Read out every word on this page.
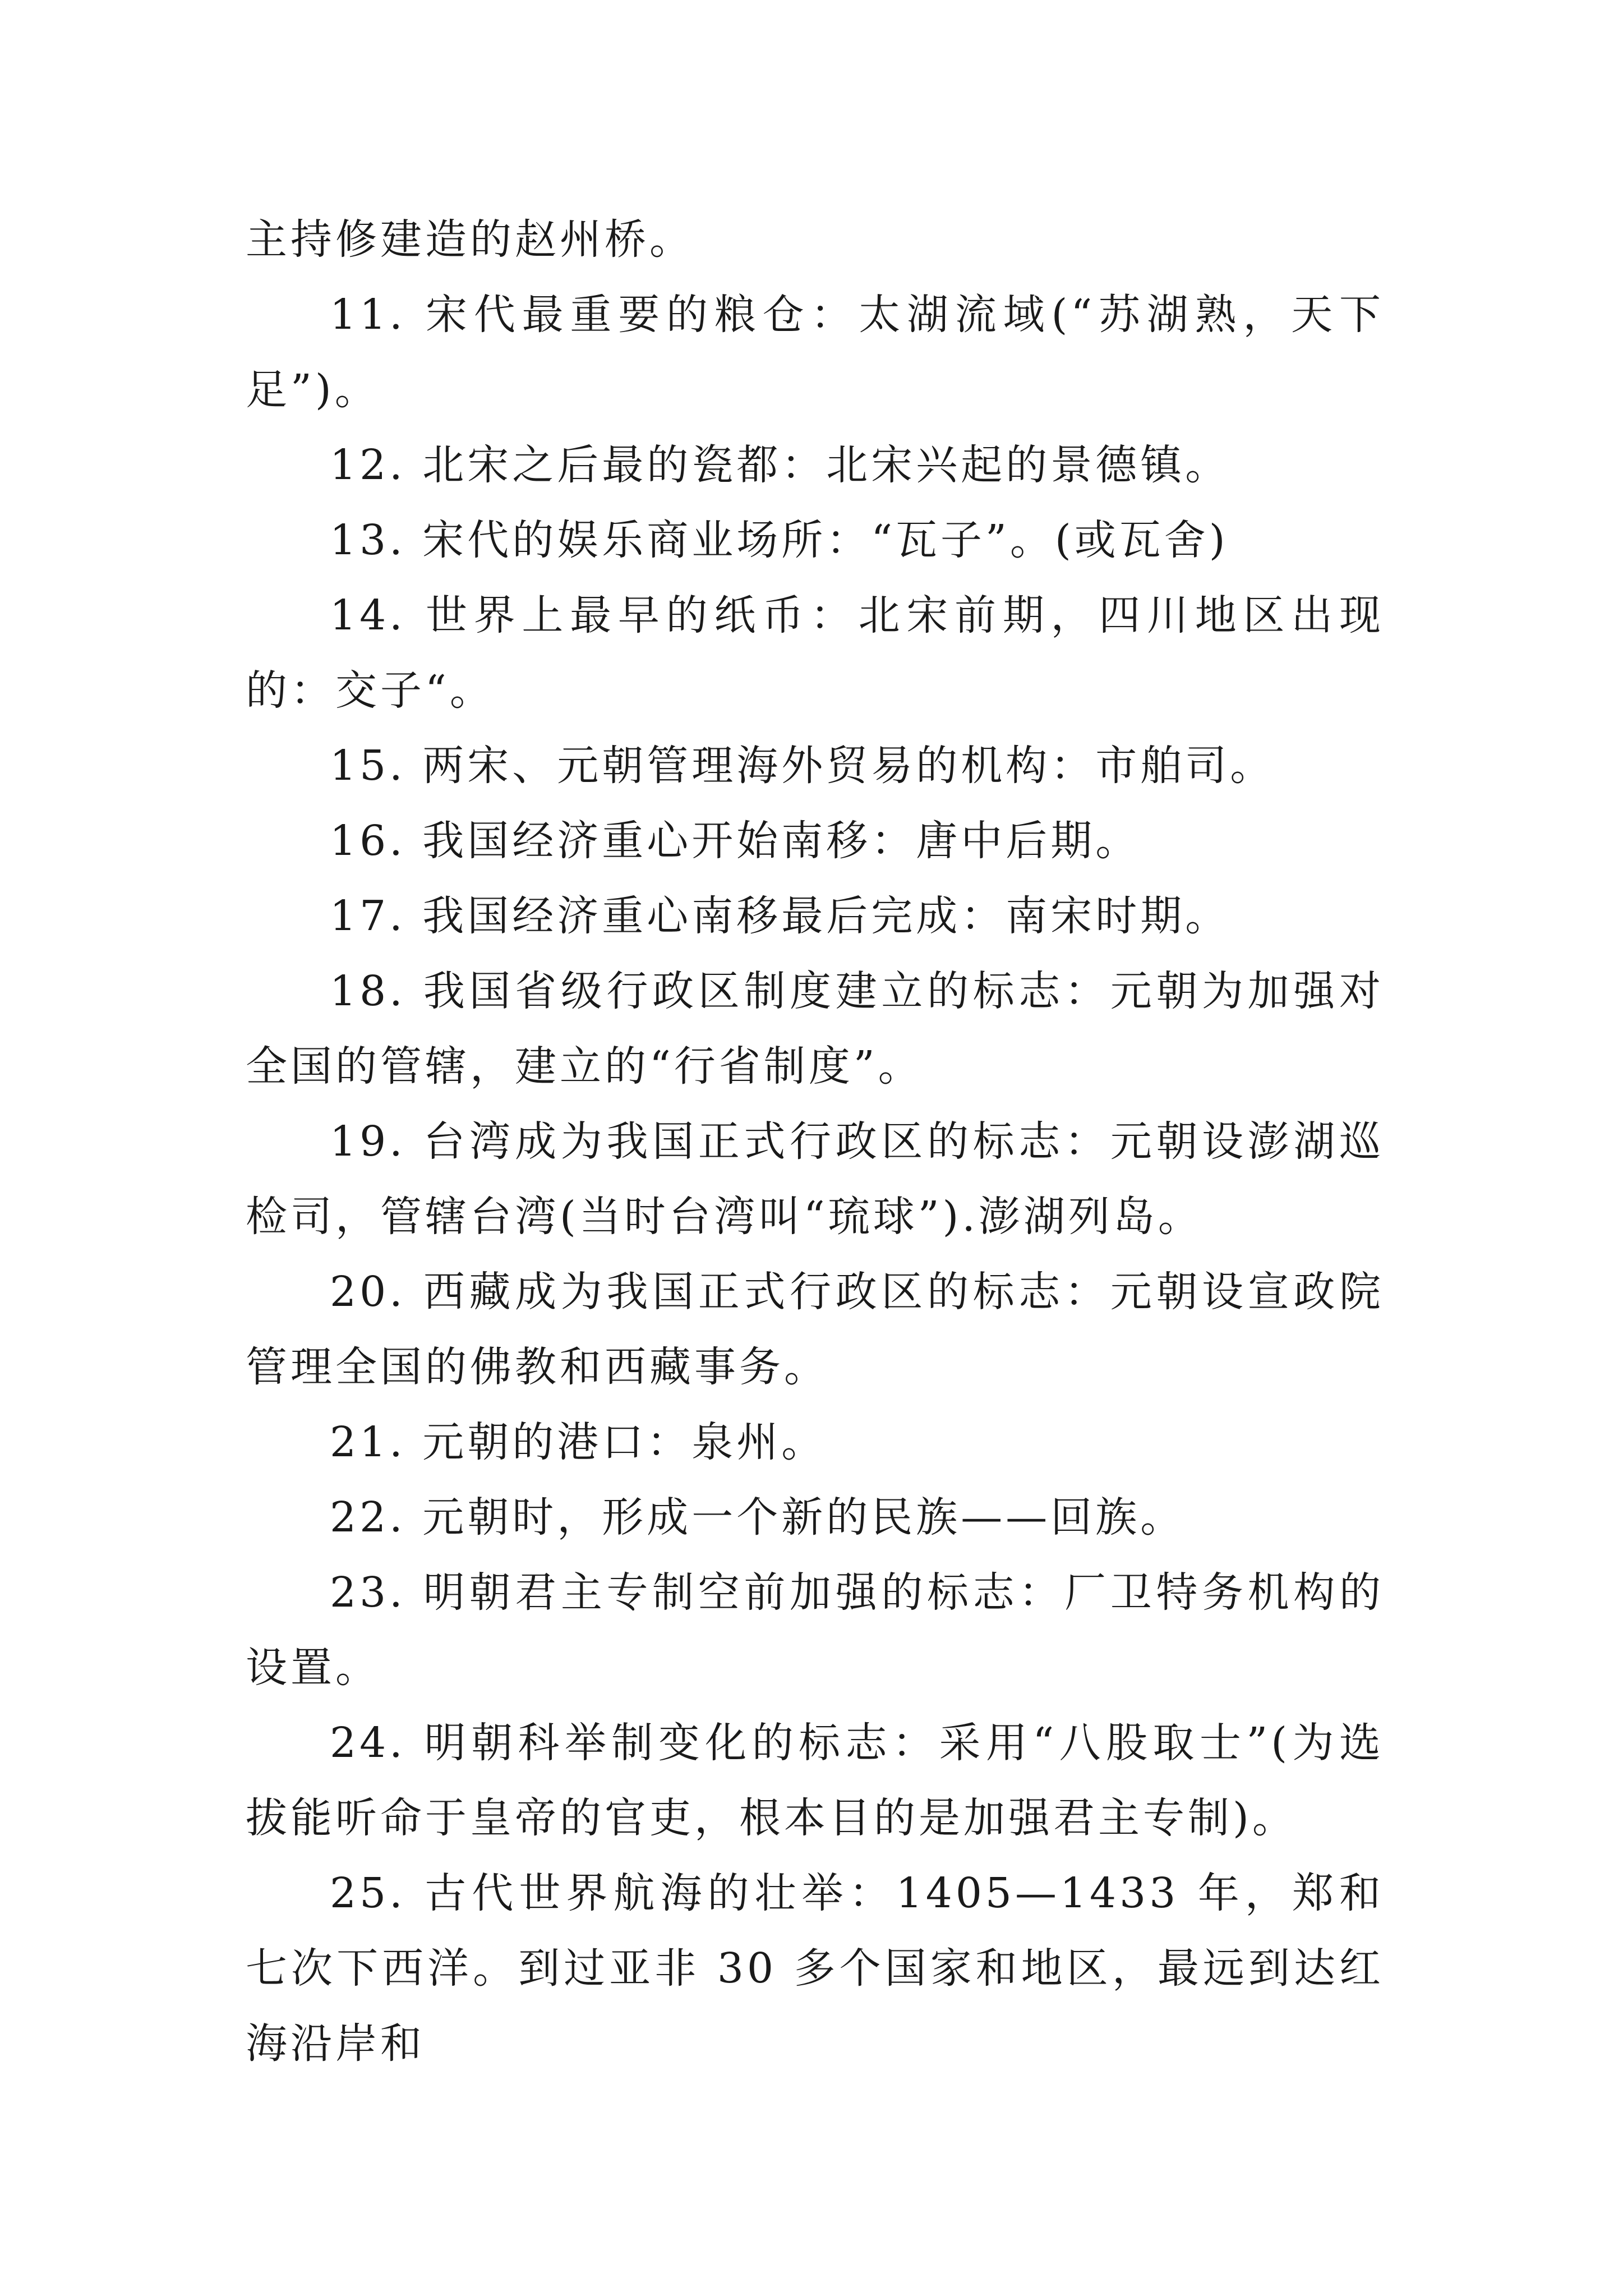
主持修建造的赵州桥。

11. 宋代最重要的粮仓：太湖流域(“苏湖熟，天下足”)。

12. 北宋之后最的瓷都：北宋兴起的景德镇。

13. 宋代的娱乐商业场所：“瓦子”。(或瓦舍)

14. 世界上最早的纸币：北宋前期，四川地区出现的：交子“。

15. 两宋、元朝管理海外贸易的机构：市舶司。

16. 我国经济重心开始南移：唐中后期。

17. 我国经济重心南移最后完成：南宋时期。

18. 我国省级行政区制度建立的标志：元朝为加强对全国的管辖，建立的“行省制度”。

19. 台湾成为我国正式行政区的标志：元朝设澎湖巡检司，管辖台湾(当时台湾叫“琉球”).澎湖列岛。

20. 西藏成为我国正式行政区的标志：元朝设宣政院管理全国的佛教和西藏事务。

21. 元朝的港口：泉州。

22. 元朝时，形成一个新的民族——回族。

23. 明朝君主专制空前加强的标志：厂卫特务机构的设置。

24. 明朝科举制变化的标志：采用“八股取士”(为选拔能听命于皇帝的官吏，根本目的是加强君主专制)。

25. 古代世界航海的壮举：1405—1433 年，郑和七次下西洋。到过亚非 30 多个国家和地区，最远到达红海沿岸和
